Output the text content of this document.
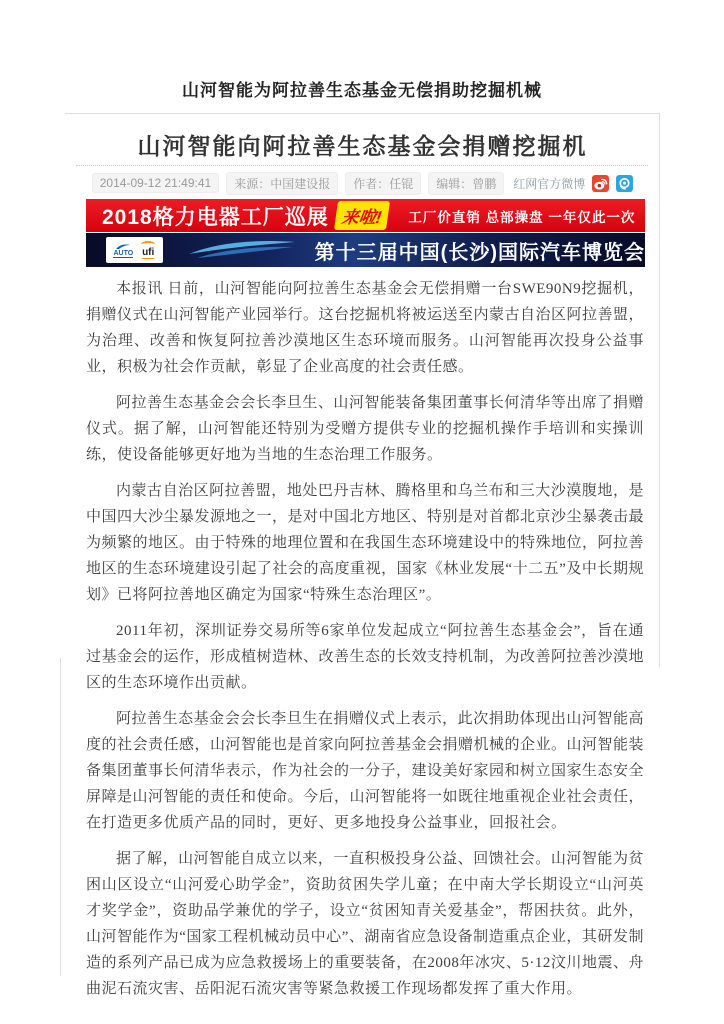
山河智能为阿拉善生态基金无偿捐助挖掘机械
山河智能向阿拉善生态基金会捐赠挖掘机
2014-09-12 21:49:41	来源：中国建设报	作者：任锟	编辑：曾鹏	红网官方微博
2018格力电器工厂巡展 来啦!	工厂价直销 总部操盘 一年仅此一次
AUTO ufi	第十三届中国(长沙)国际汽车博览会

本报讯 日前，山河智能向阿拉善生态基金会无偿捐赠一台SWE90N9挖掘机，捐赠仪式在山河智能产业园举行。这台挖掘机将被运送至内蒙古自治区阿拉善盟，为治理、改善和恢复阿拉善沙漠地区生态环境而服务。山河智能再次投身公益事业，积极为社会作贡献，彰显了企业高度的社会责任感。

阿拉善生态基金会会长李旦生、山河智能装备集团董事长何清华等出席了捐赠仪式。据了解，山河智能还特别为受赠方提供专业的挖掘机操作手培训和实操训练，使设备能够更好地为当地的生态治理工作服务。

内蒙古自治区阿拉善盟，地处巴丹吉林、腾格里和乌兰布和三大沙漠腹地，是中国四大沙尘暴发源地之一，是对中国北方地区、特别是对首都北京沙尘暴袭击最为频繁的地区。由于特殊的地理位置和在我国生态环境建设中的特殊地位，阿拉善地区的生态环境建设引起了社会的高度重视，国家《林业发展“十二五”及中长期规划》已将阿拉善地区确定为国家“特殊生态治理区”。

2011年初，深圳证券交易所等6家单位发起成立“阿拉善生态基金会”，旨在通过基金会的运作，形成植树造林、改善生态的长效支持机制，为改善阿拉善沙漠地区的生态环境作出贡献。

阿拉善生态基金会会长李旦生在捐赠仪式上表示，此次捐助体现出山河智能高度的社会责任感，山河智能也是首家向阿拉善基金会捐赠机械的企业。山河智能装备集团董事长何清华表示，作为社会的一分子，建设美好家园和树立国家生态安全屏障是山河智能的责任和使命。今后，山河智能将一如既往地重视企业社会责任，在打造更多优质产品的同时，更好、更多地投身公益事业，回报社会。

据了解，山河智能自成立以来，一直积极投身公益、回馈社会。山河智能为贫困山区设立“山河爱心助学金”，资助贫困失学儿童；在中南大学长期设立“山河英才奖学金”，资助品学兼优的学子，设立“贫困知青关爱基金”，帮困扶贫。此外，山河智能作为“国家工程机械动员中心”、湖南省应急设备制造重点企业，其研发制造的系列产品已成为应急救援场上的重要装备，在2008年冰灾、5·12汶川地震、舟曲泥石流灾害、岳阳泥石流灾害等紧急救援工作现场都发挥了重大作用。
